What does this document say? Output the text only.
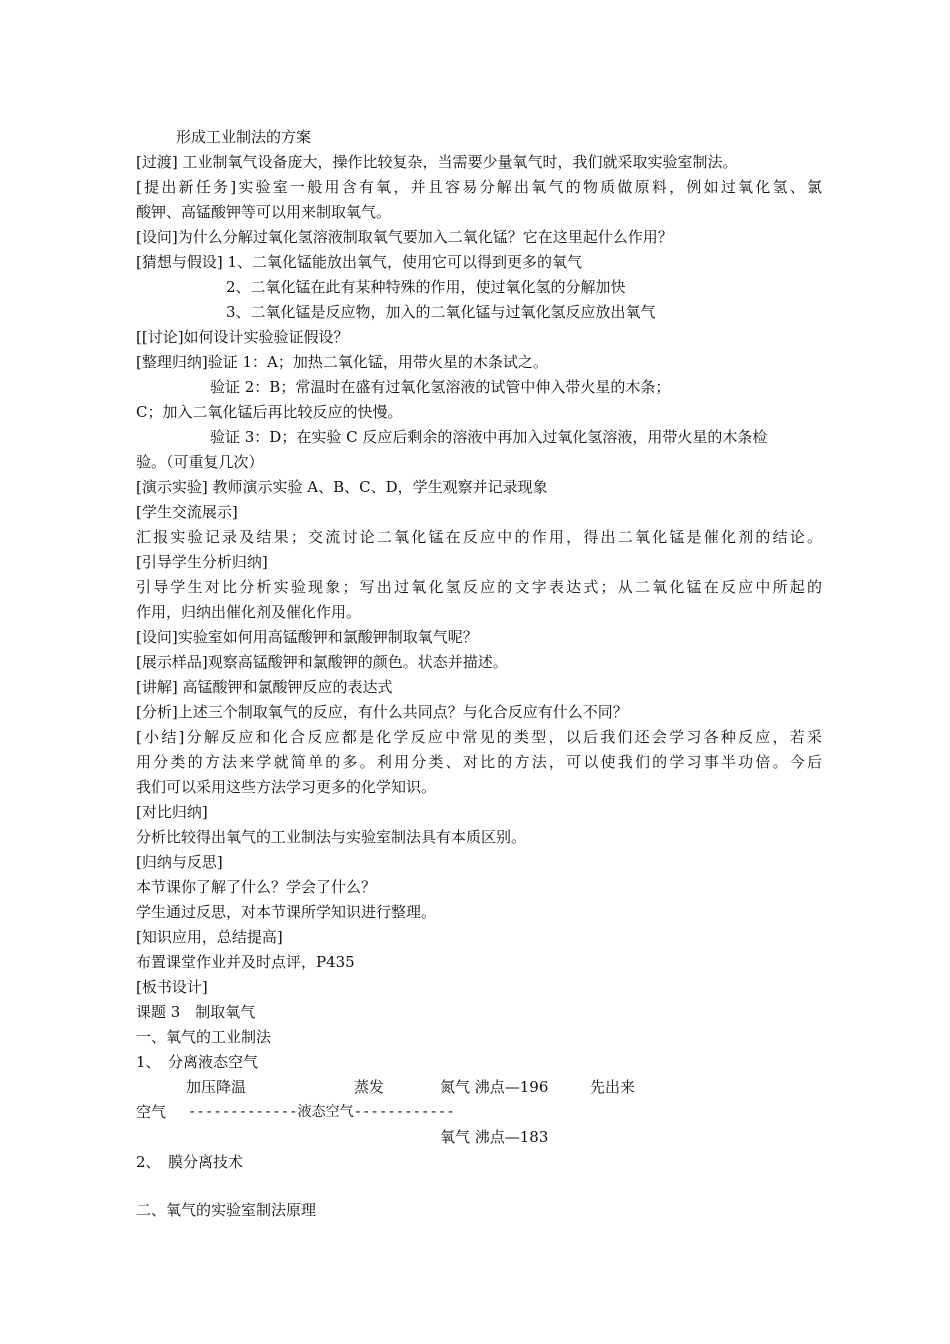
形成工业制法的方案
[过渡] 工业制氧气设备庞大，操作比较复杂，当需要少量氧气时，我们就采取实验室制法。
[提出新任务]实验室一般用含有氧，并且容易分解出氧气的物质做原料，例如过氧化氢、氯
酸钾、高锰酸钾等可以用来制取氧气。
[设问]为什么分解过氧化氢溶液制取氧气要加入二氧化锰？它在这里起什么作用？
[猜想与假设] 1、二氧化锰能放出氧气，使用它可以得到更多的氧气
2、二氧化锰在此有某种特殊的作用，使过氧化氢的分解加快
3、二氧化锰是反应物，加入的二氧化锰与过氧化氢反应放出氧气
[[讨论]如何设计实验验证假设？
[整理归纳]验证 1：A；加热二氧化锰，用带火星的木条试之。
验证 2：B；常温时在盛有过氧化氢溶液的试管中伸入带火星的木条；
C；加入二氧化锰后再比较反应的快慢。
验证 3：D；在实验 C 反应后剩余的溶液中再加入过氧化氢溶液，用带火星的木条检
验。（可重复几次）
[演示实验] 教师演示实验 A、B、C、D，学生观察并记录现象
[学生交流展示]
汇报实验记录及结果；交流讨论二氧化锰在反应中的作用，得出二氧化锰是催化剂的结论。
[引导学生分析归纳]
引导学生对比分析实验现象；写出过氧化氢反应的文字表达式；从二氧化锰在反应中所起的
作用，归纳出催化剂及催化作用。
[设问]实验室如何用高锰酸钾和氯酸钾制取氧气呢？
[展示样品]观察高锰酸钾和氯酸钾的颜色。状态并描述。
[讲解] 高锰酸钾和氯酸钾反应的表达式
[分析]上述三个制取氧气的反应，有什么共同点？与化合反应有什么不同？
[小结]分解反应和化合反应都是化学反应中常见的类型，以后我们还会学习各种反应，若采
用分类的方法来学就简单的多。利用分类、对比的方法，可以使我们的学习事半功倍。今后
我们可以采用这些方法学习更多的化学知识。
[对比归纳]
分析比较得出氧气的工业制法与实验室制法具有本质区别。
[归纳与反思]
本节课你了解了什么？学会了什么？
学生通过反思，对本节课所学知识进行整理。
[知识应用，总结提高]
布置课堂作业并及时点评，P435
[板书设计]
课题 3　制取氧气
一、氧气的工业制法
1、　分离液态空气
加压降温	蒸发	氮气 沸点—196	先出来
空气 -------------液态空气------------
氧气 沸点—183
2、　膜分离技术
二、氧气的实验室制法原理
